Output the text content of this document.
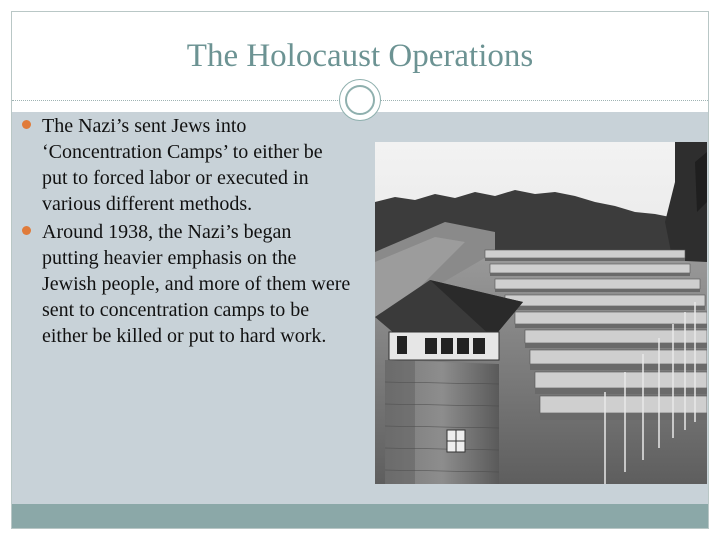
The Holocaust Operations
The Nazi’s sent Jews into ‘Concentration Camps’ to either be put to forced labor or executed in various different methods.
Around 1938, the Nazi’s began putting heavier emphasis on the Jewish people, and more of them were sent to concentration camps to be either be killed or put to hard work.
